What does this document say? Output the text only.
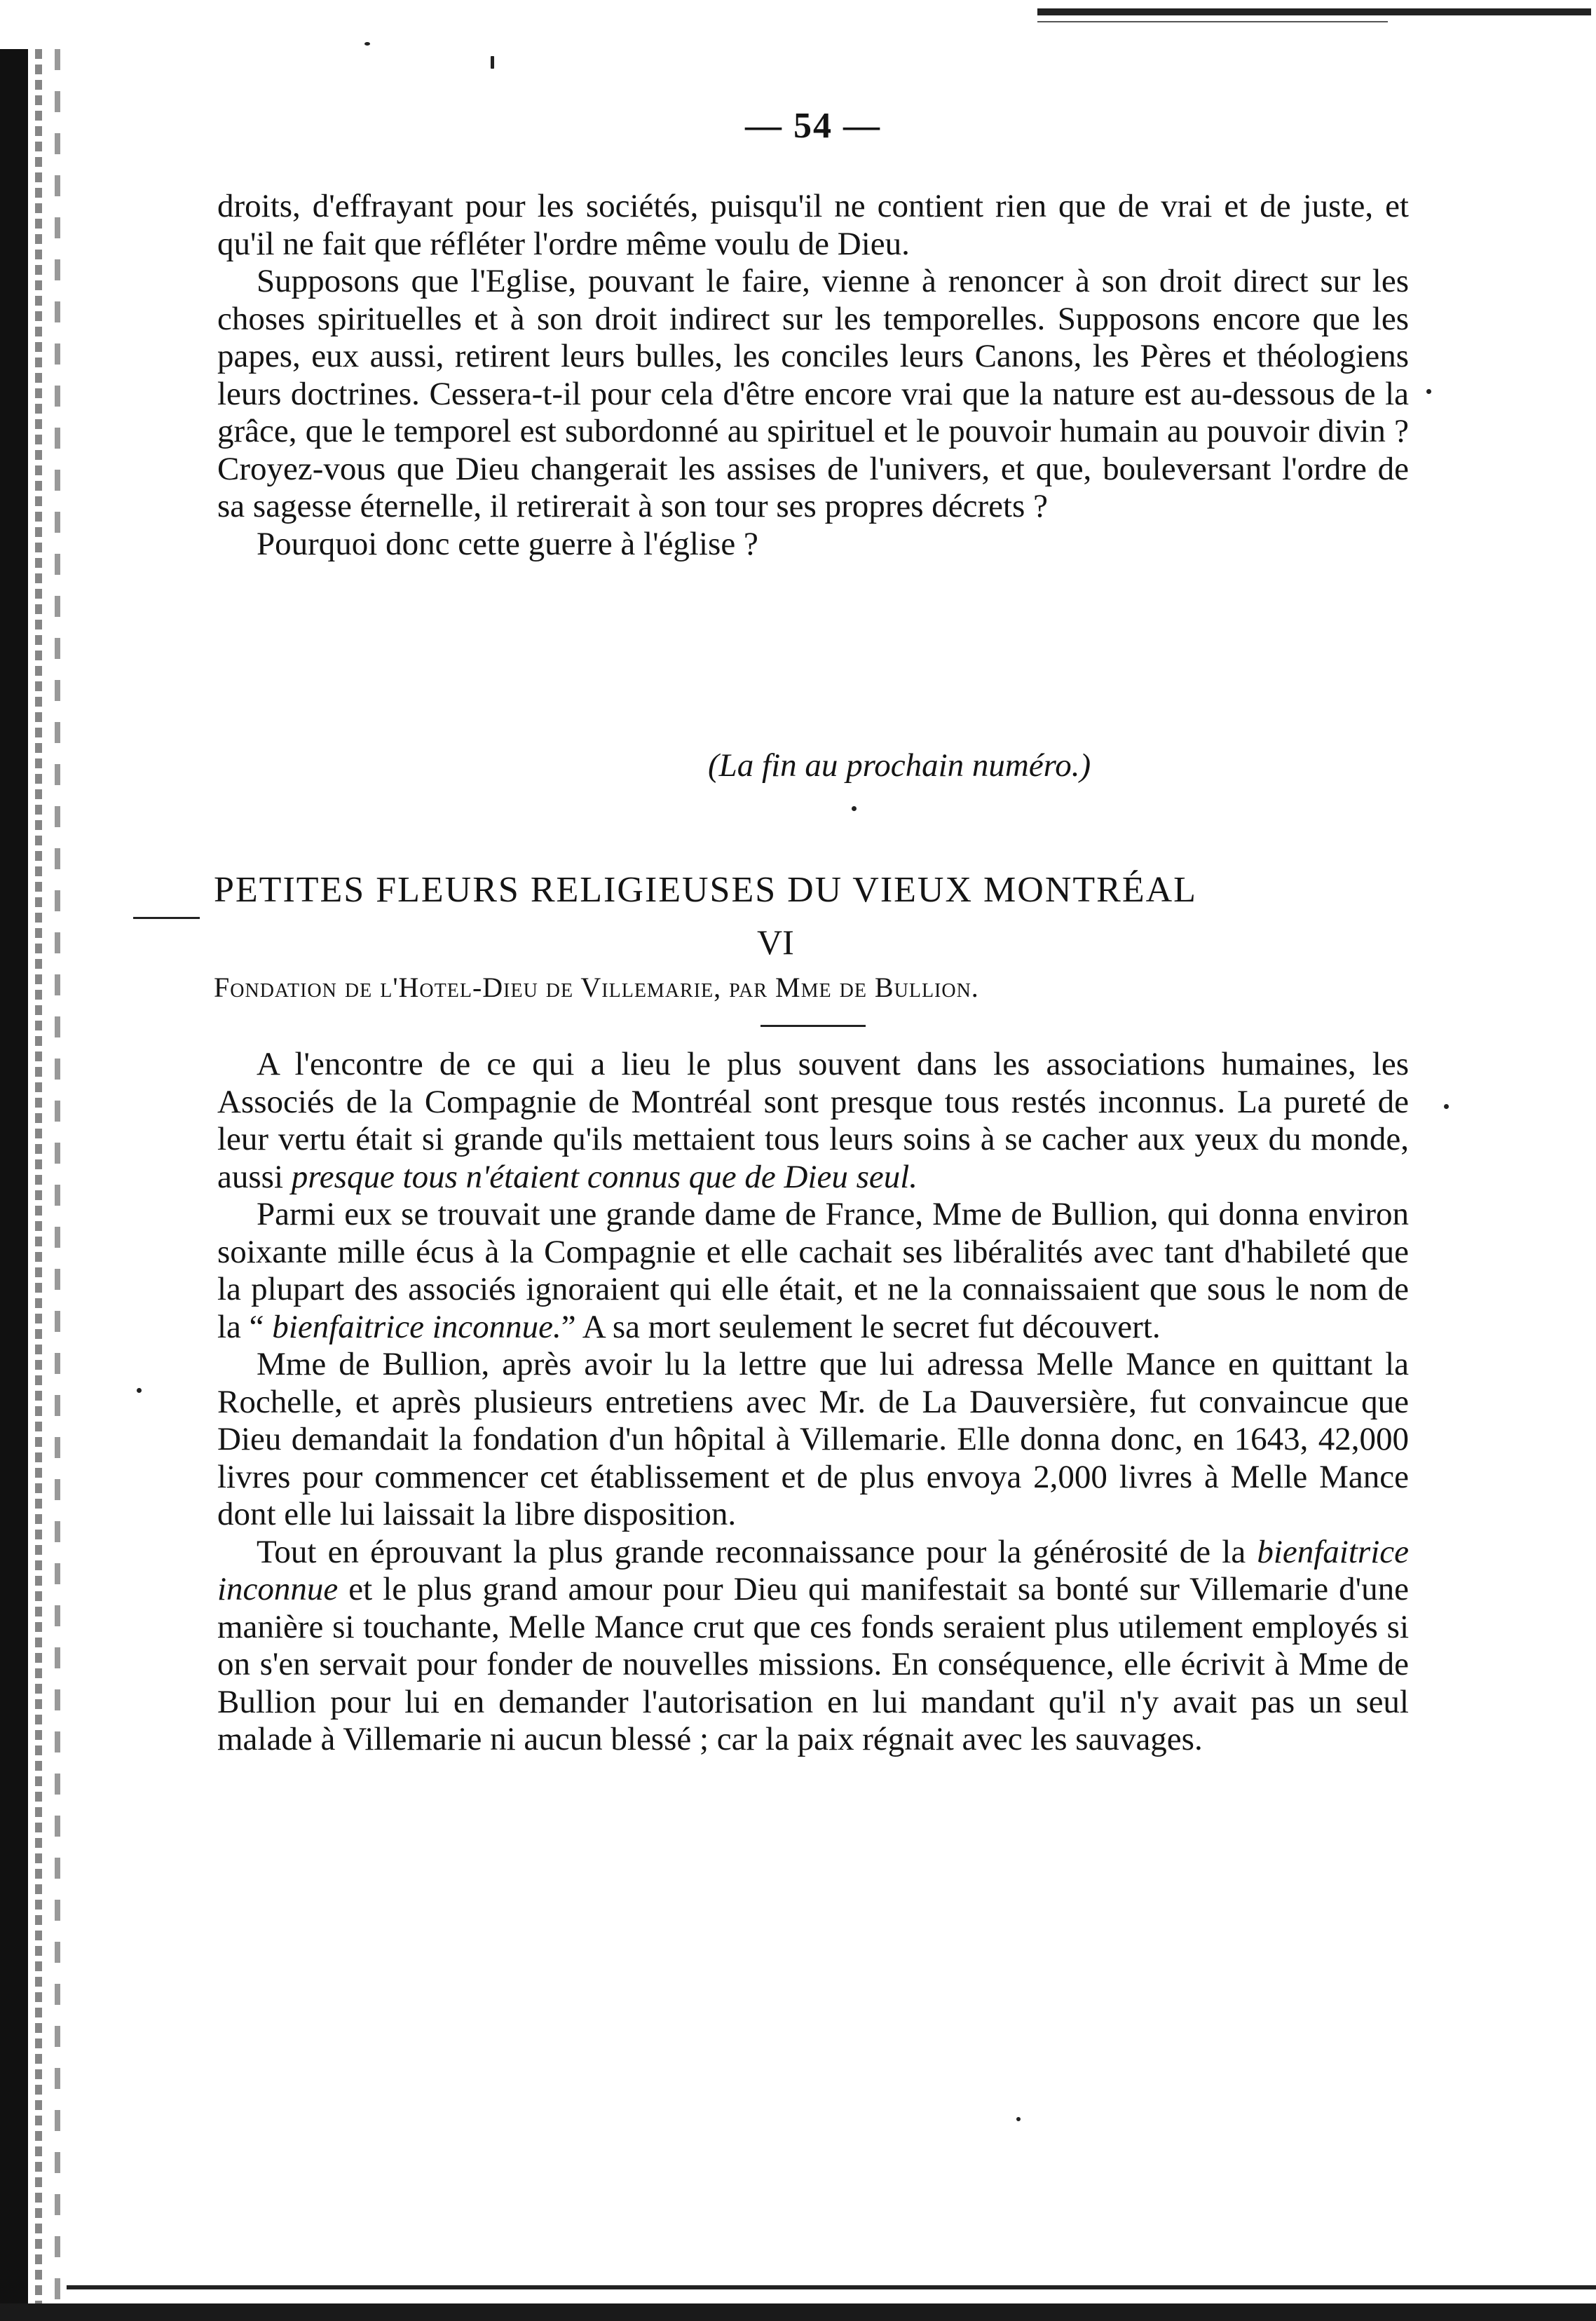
— 54 —

droits, d'effrayant pour les sociétés, puisqu'il ne contient rien que de vrai et de juste, et qu'il ne fait que réfléter l'ordre même voulu de Dieu.

Supposons que l'Eglise, pouvant le faire, vienne à renoncer à son droit direct sur les choses spirituelles et à son droit indirect sur les temporelles. Supposons encore que les papes, eux aussi, retirent leurs bulles, les conciles leurs Canons, les Pères et théologiens leurs doctrines. Cessera-t-il pour cela d'être encore vrai que la nature est au-dessous de la grâce, que le temporel est subordonné au spirituel et le pouvoir humain au pouvoir divin ? Croyez-vous que Dieu changerait les assises de l'univers, et que, bouleversant l'ordre de sa sagesse éternelle, il retirerait à son tour ses propres décrets ?

Pourquoi donc cette guerre à l'église ?

(La fin au prochain numéro.)
PETITES FLEURS RELIGIEUSES DU VIEUX MONTRÉAL
VI
Fondation de l'Hotel-Dieu de Villemarie, par Mme de Bullion.

A l'encontre de ce qui a lieu le plus souvent dans les associations humaines, les Associés de la Compagnie de Montréal sont presque tous restés inconnus. La pureté de leur vertu était si grande qu'ils mettaient tous leurs soins à se cacher aux yeux du monde, aussi presque tous n'étaient connus que de Dieu seul.

Parmi eux se trouvait une grande dame de France, Mme de Bullion, qui donna environ soixante mille écus à la Compagnie et elle cachait ses libéralités avec tant d'habileté que la plupart des associés ignoraient qui elle était, et ne la connaissaient que sous le nom de la “ bienfaitrice inconnue.” A sa mort seulement le secret fut découvert.

Mme de Bullion, après avoir lu la lettre que lui adressa Melle Mance en quittant la Rochelle, et après plusieurs entretiens avec Mr. de La Dauversière, fut convaincue que Dieu demandait la fondation d'un hôpital à Villemarie. Elle donna donc, en 1643, 42,000 livres pour commencer cet établissement et de plus envoya 2,000 livres à Melle Mance dont elle lui laissait la libre disposition.

Tout en éprouvant la plus grande reconnaissance pour la générosité de la bienfaitrice inconnue et le plus grand amour pour Dieu qui manifestait sa bonté sur Villemarie d'une manière si touchante, Melle Mance crut que ces fonds seraient plus utilement employés si on s'en servait pour fonder de nouvelles missions. En conséquence, elle écrivit à Mme de Bullion pour lui en demander l'autorisation en lui mandant qu'il n'y avait pas un seul malade à Villemarie ni aucun blessé ; car la paix régnait avec les sauvages.
